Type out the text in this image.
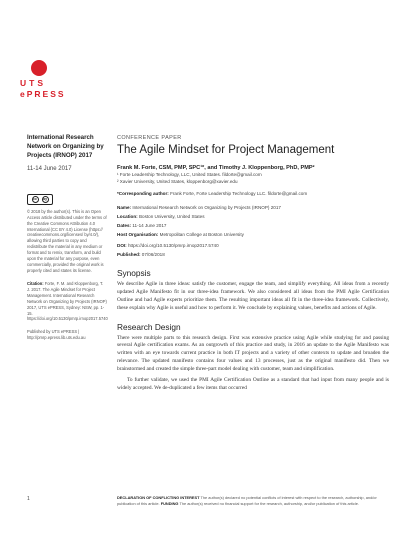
UTS
ePRESS
International Research Network on Organizing by Projects (IRNOP) 2017
11-14 June 2017
cc	by
© 2018 by the author(s). This is an Open Access article distributed under the terms of the Creative Commons Attribution 4.0 International (CC BY 4.0) License (https:// creativecommons.org/licenses/ by/4.0/), allowing third parties to copy and redistribute the material in any medium or format and to remix, transform, and build upon the material for any purpose, even commercially, provided the original work is properly cited and states its license.
Citation: Forte, F. M. and Kloppenborg, T. J. 2017. The Agile Mindset for Project Management. International Research Network on Organizing by Projects (IRNOP) 2017, UTS ePRESS, Sydney: NSW, pp. 1-15. https://doi.org/10.5130/pmrp.irnop2017.5740
Published by UTS ePRESS | http://pmrp.epress.lib.uts.edu.au
CONFERENCE PAPER
The Agile Mindset for Project Management
Frank M. Forte, CSM, PMP, SPC¹*, and Timothy J. Kloppenborg, PhD, PMP²
¹ Forte Leadership Technology, LLC, United States. fildorte@gmail.com
² Xavier University, United States, kloppenborg@xavier.edu
*Corresponding author: Frank Forte, Forte Leadership Technology LLC. fildorte@gmail.com

Name: International Research Network on Organizing by Projects (IRNOP) 2017

Location: Boston University, United States

Dates: 11-14 June 2017

Host Organisation: Metropolitan College at Boston University

DOI: https://doi.org/10.5130/pmrp.irnop2017.5740

Published: 07/06/2018

Synopsis
We describe Agile in three ideas: satisfy the customer, engage the team, and simplify everything. All ideas from a recently updated Agile Manifesto fit in our three-idea framework. We also considered all ideas from the PMI Agile Certification Outline and had Agile experts prioritize them. The resulting important ideas all fit in the three-idea framework. Collectively, these explain why Agile is useful and how to perform it. We conclude by explaining values, benefits and actions of Agile.
Research Design
There were multiple parts to this research design. First was extensive practice using Agile while studying for and passing several Agile certification exams. As an outgrowth of this practice and study, in 2016 an update to the Agile Manifesto was written with an eye towards current practice in both IT projects and a variety of other contexts to update and broaden the relevance. The updated manifesto contains four values and 13 processes, just as the original manifesto did. Then we brainstormed and created the simple three-part model dealing with customer, team and simplification.
To further validate, we used the PMI Agile Certification Outline as a standard that had input from many people and is widely accepted. We de-duplicated a few items that occurred
1	DECLARATION OF CONFLICTING INTEREST The author(s) declared no potential conflicts of interest with respect to the research, authorship, and/or publication of this article. FUNDING The author(s) received no financial support for the research, authorship, and/or publication of this article.
